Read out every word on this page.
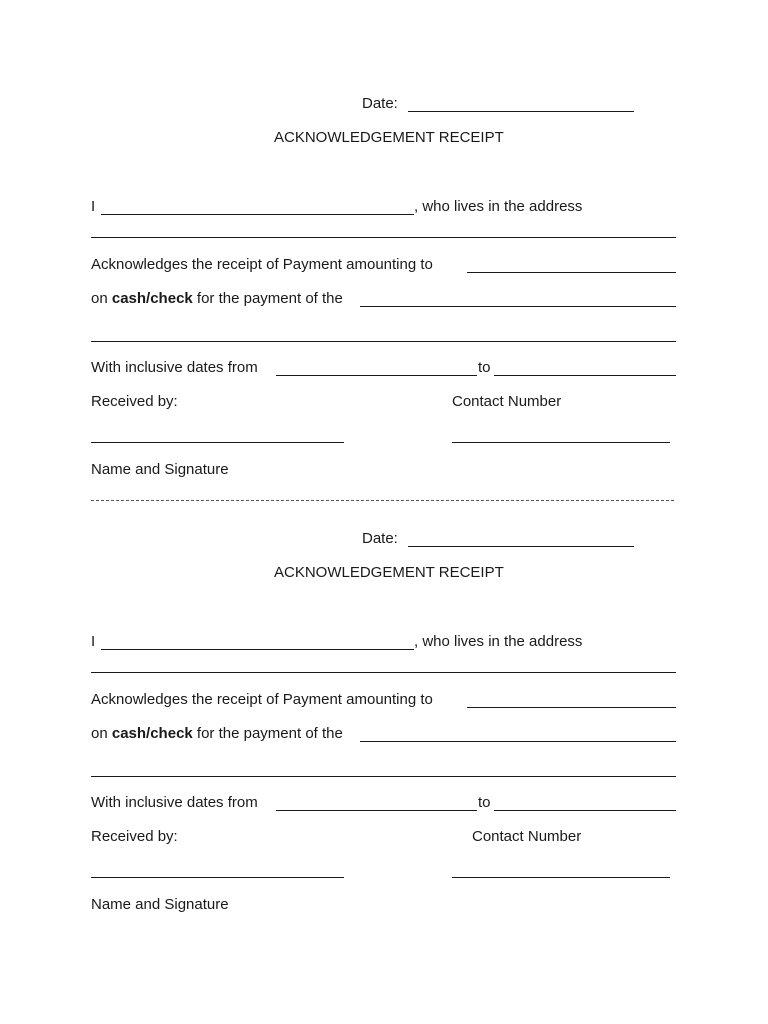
Date:
ACKNOWLEDGEMENT RECEIPT
I	, who lives in the address
Acknowledges the receipt of Payment amounting to
on cash/check for the payment of the
With inclusive dates from	to
Received by:	Contact Number
Name and Signature
Date:
ACKNOWLEDGEMENT RECEIPT
I	, who lives in the address
Acknowledges the receipt of Payment amounting to
on cash/check for the payment of the
With inclusive dates from	to
Received by:	Contact Number
Name and Signature
